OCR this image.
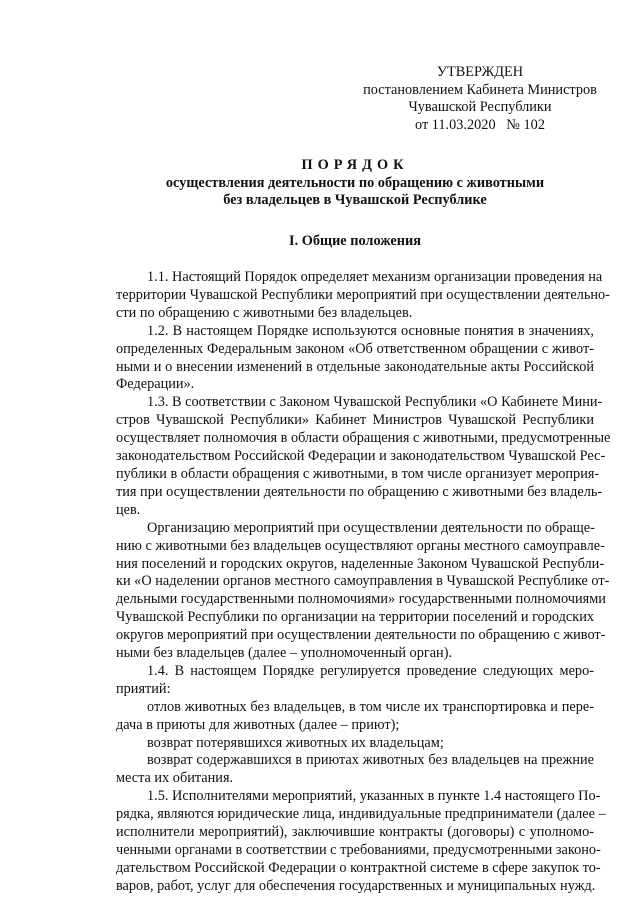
УТВЕРЖДЕН
постановлением Кабинета Министров
Чувашской Республики
от 11.03.2020   № 102
ПОРЯДОК
осуществления деятельности по обращению с животными
без владельцев в Чувашской Республике
I. Общие положения
1.1. Настоящий Порядок определяет механизм организации проведения на
территории Чувашской Республики мероприятий при осуществлении деятельно-
сти по обращению с животными без владельцев.
1.2. В настоящем Порядке используются основные понятия в значениях,
определенных Федеральным законом «Об ответственном обращении с живот-
ными и о внесении изменений в отдельные законодательные акты Российской
Федерации».
1.3. В соответствии с Законом Чувашской Республики «О Кабинете Мини-
стров Чувашской Республики» Кабинет Министров Чувашской Республики
осуществляет полномочия в области обращения с животными, предусмотренные
законодательством Российской Федерации и законодательством Чувашской Рес-
публики в области обращения с животными, в том числе организует мероприя-
тия при осуществлении деятельности по обращению с животными без владель-
цев.
Организацию мероприятий при осуществлении деятельности по обраще-
нию с животными без владельцев осуществляют органы местного самоуправле-
ния поселений и городских округов, наделенные Законом Чувашской Республи-
ки «О наделении органов местного самоуправления в Чувашской Республике от-
дельными государственными полномочиями» государственными полномочиями
Чувашской Республики по организации на территории поселений и городских
округов мероприятий при осуществлении деятельности по обращению с живот-
ными без владельцев (далее – уполномоченный орган).
1.4. В настоящем Порядке регулируется проведение следующих меро-
приятий:
отлов животных без владельцев, в том числе их транспортировка и пере-
дача в приюты для животных (далее – приют);
возврат потерявшихся животных их владельцам;
возврат содержавшихся в приютах животных без владельцев на прежние
места их обитания.
1.5. Исполнителями мероприятий, указанных в пункте 1.4 настоящего По-
рядка, являются юридические лица, индивидуальные предприниматели (далее –
исполнители мероприятий), заключившие контракты (договоры) с уполномо-
ченными органами в соответствии с требованиями, предусмотренными законо-
дательством Российской Федерации о контрактной системе в сфере закупок то-
варов, работ, услуг для обеспечения государственных и муниципальных нужд.
